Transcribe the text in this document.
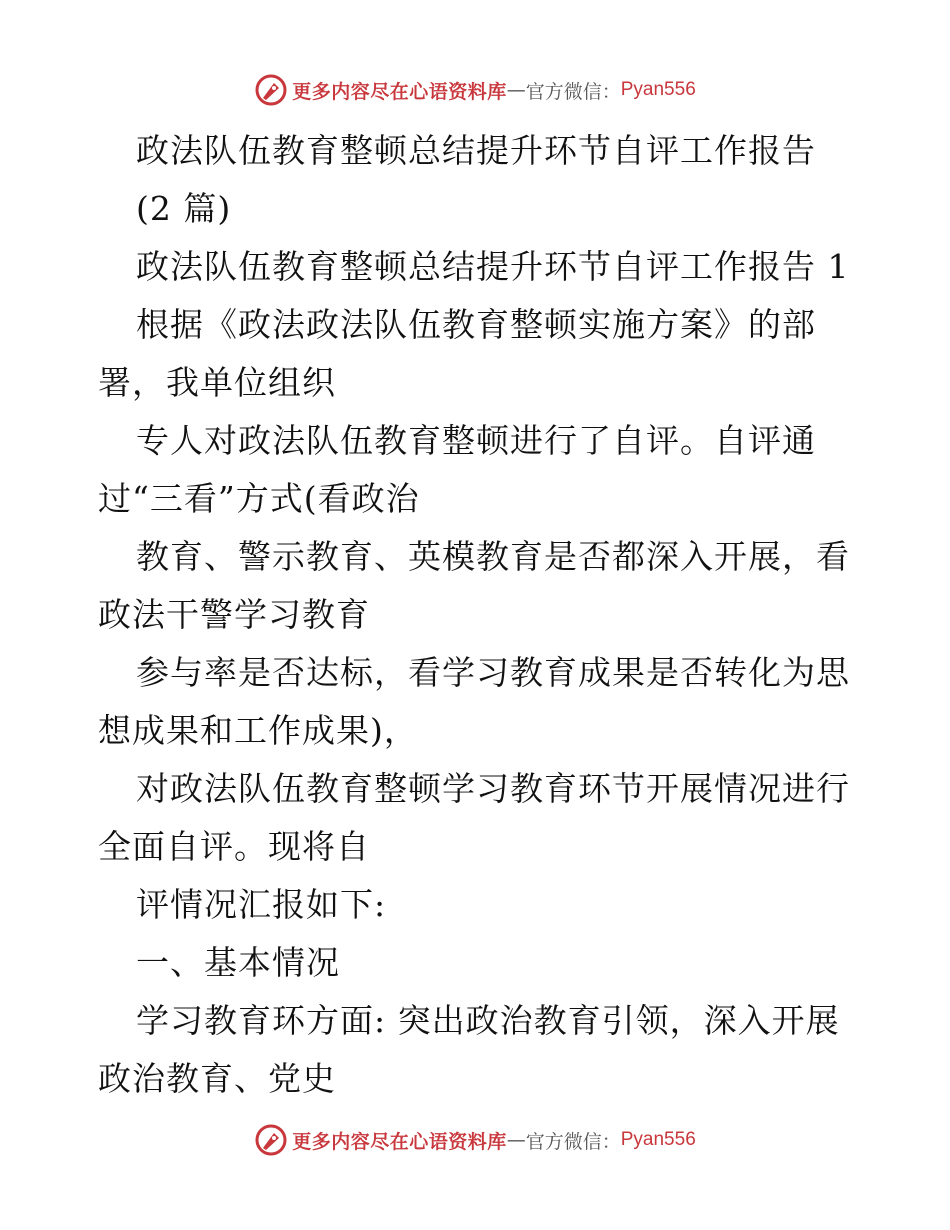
更多内容尽在心语资料库 — 官方微信： Pyan556
政法队伍教育整顿总结提升环节自评工作报告
(2 篇)
政法队伍教育整顿总结提升环节自评工作报告 1
根据《政法政法队伍教育整顿实施方案》的部
署，我单位组织
专人对政法队伍教育整顿进行了自评。自评通
过“三看”方式(看政治
教育、警示教育、英模教育是否都深入开展，看
政法干警学习教育
参与率是否达标，看学习教育成果是否转化为思
想成果和工作成果)，
对政法队伍教育整顿学习教育环节开展情况进行
全面自评。现将自
评情况汇报如下:
一、基本情况
学习教育环方面: 突出政治教育引领，深入开展
政治教育、党史
更多内容尽在心语资料库 — 官方微信： Pyan556
